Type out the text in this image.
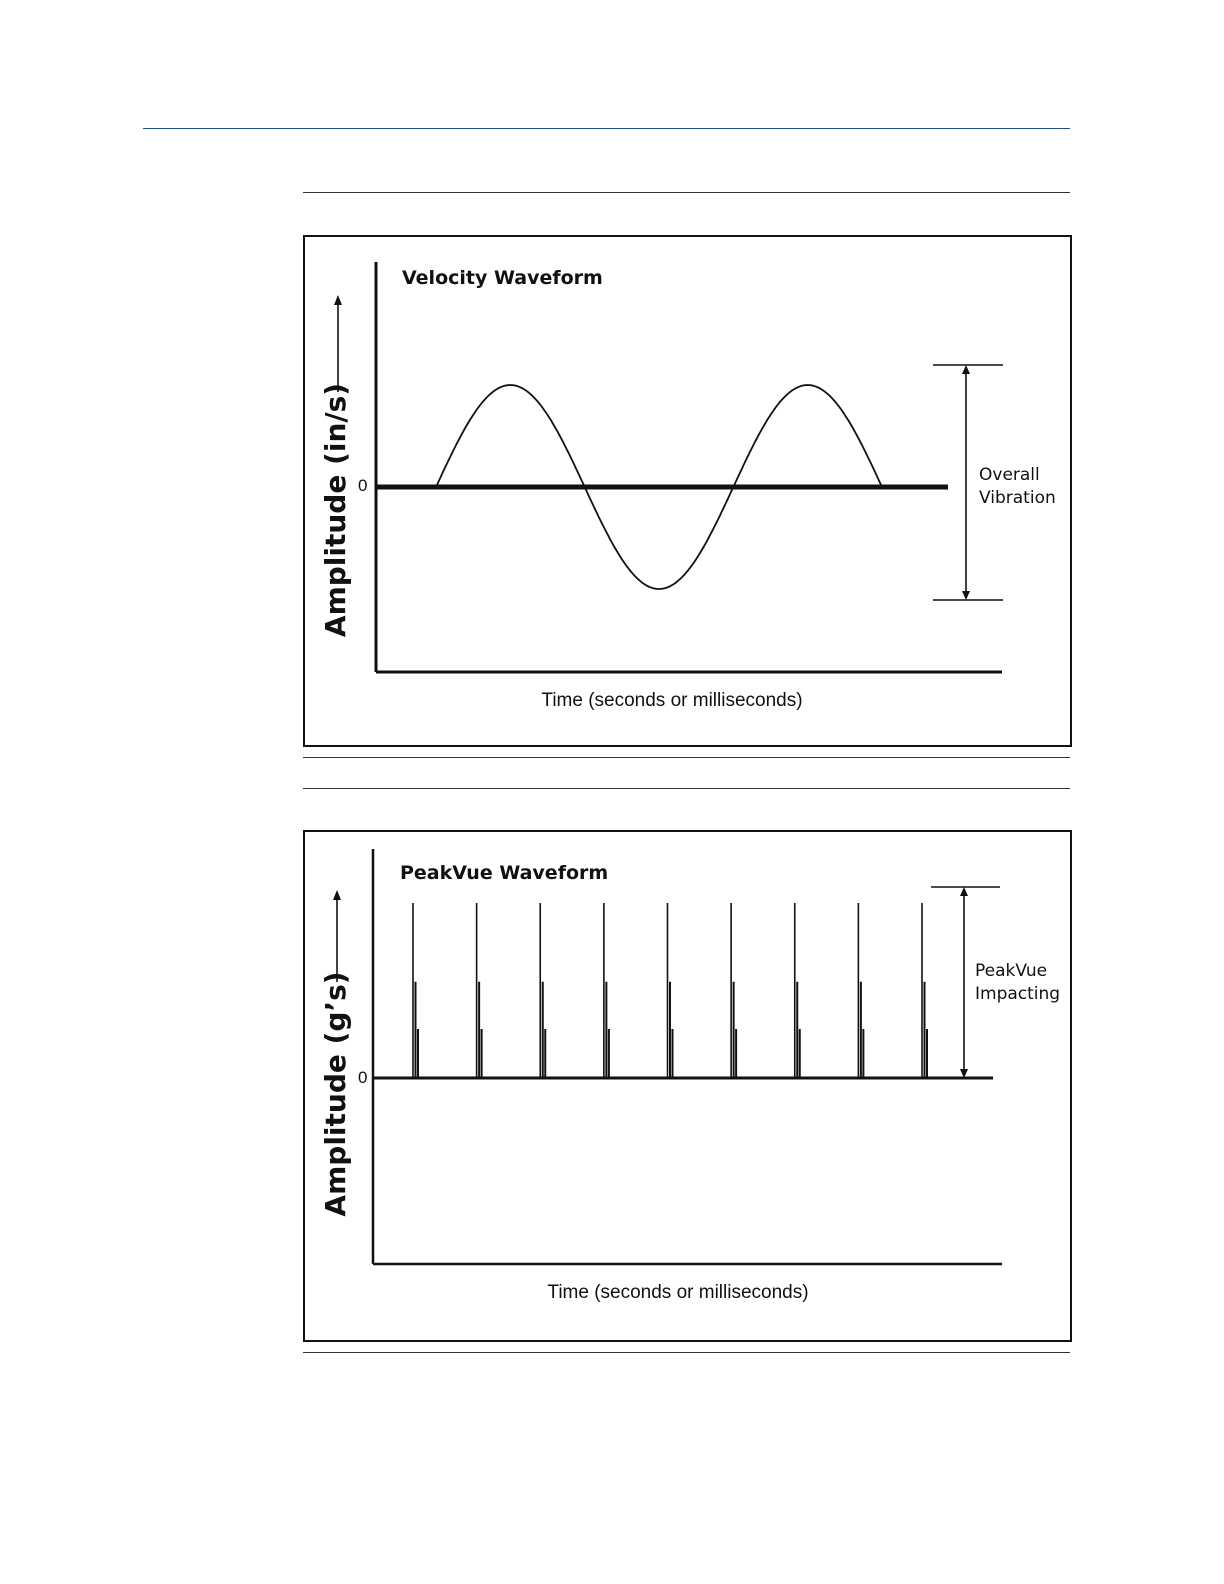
Velocity Waveform
Amplitude (in/s) 0
Overall
Vibration
Time (seconds or milliseconds)
PeakVue Waveform
Amplitude (g’s) 0
PeakVue
Impacting
Time (seconds or milliseconds)
